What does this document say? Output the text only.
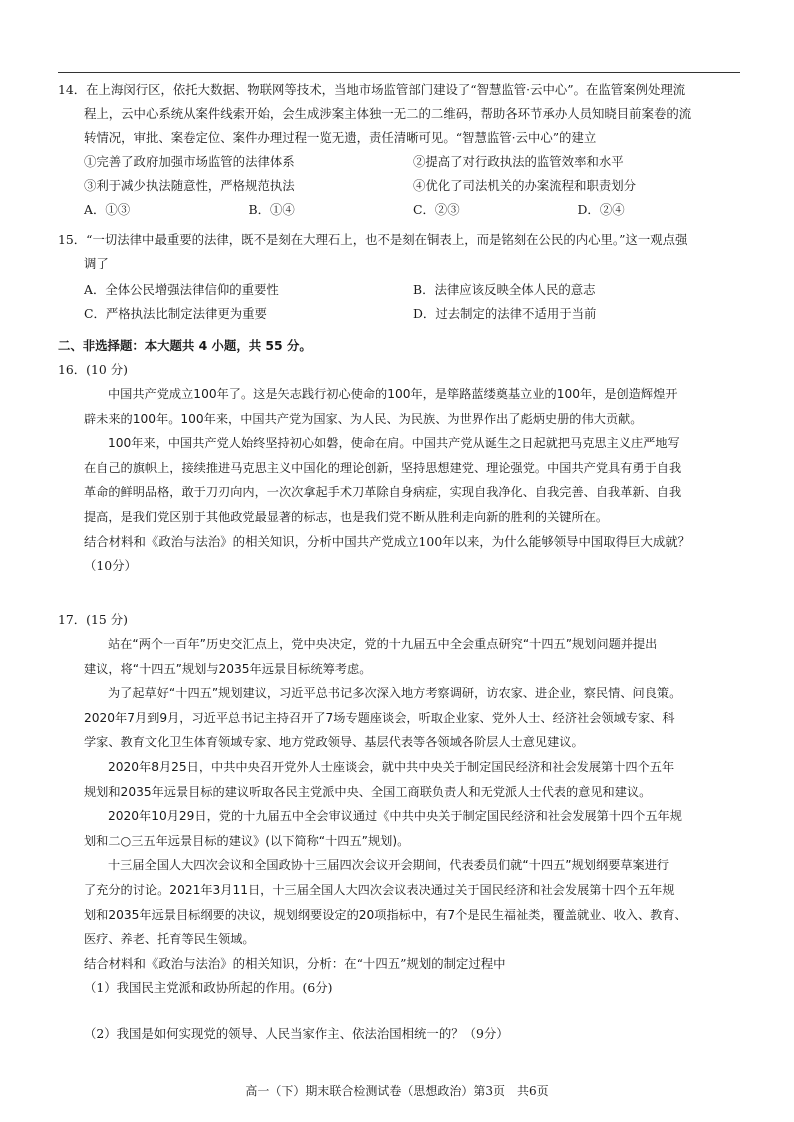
14．在上海闵行区，依托大数据、物联网等技术，当地市场监管部门建设了“智慧监管·云中心”。在监管案例处理流

程上，云中心系统从案件线索开始，会生成涉案主体独一无二的二维码，帮助各环节承办人员知晓目前案卷的流

转情况，审批、案卷定位、案件办理过程一览无遗，责任清晰可见。“智慧监管·云中心”的建立

①完善了政府加强市场监管的法律体系	②提高了对行政执法的监管效率和水平
③利于减少执法随意性，严格规范执法	④优化了司法机关的办案流程和职责划分
A．①③	B．①④	C．②③	D．②④

15．“一切法律中最重要的法律，既不是刻在大理石上，也不是刻在铜表上，而是铭刻在公民的内心里。”这一观点强

调了

A．全体公民增强法律信仰的重要性	B．法律应该反映全体人民的意志
C．严格执法比制定法律更为重要	D．过去制定的法律不适用于当前
二、非选择题：本大题共 4 小题，共 55 分。

16．(10 分)

中国共产党成立100年了。这是矢志践行初心使命的100年，是筚路蓝缕奠基立业的100年，是创造辉煌开

辟未来的100年。100年来，中国共产党为国家、为人民、为民族、为世界作出了彪炳史册的伟大贡献。

100年来，中国共产党人始终坚持初心如磐，使命在肩。中国共产党从诞生之日起就把马克思主义庄严地写

在自己的旗帜上，接续推进马克思主义中国化的理论创新，坚持思想建党、理论强党。中国共产党具有勇于自我

革命的鲜明品格，敢于刀刃向内，一次次拿起手术刀革除自身病症，实现自我净化、自我完善、自我革新、自我

提高，是我们党区别于其他政党最显著的标志，也是我们党不断从胜利走向新的胜利的关键所在。

结合材料和《政治与法治》的相关知识，分析中国共产党成立100年以来，为什么能够领导中国取得巨大成就？

（10分）

17．(15 分)

站在“两个一百年”历史交汇点上，党中央决定，党的十九届五中全会重点研究“十四五”规划问题并提出

建议，将“十四五”规划与2035年远景目标统筹考虑。

为了起草好“十四五”规划建议，习近平总书记多次深入地方考察调研，访农家、进企业，察民情、问良策。

2020年7月到9月，习近平总书记主持召开了7场专题座谈会，听取企业家、党外人士、经济社会领域专家、科

学家、教育文化卫生体育领域专家、地方党政领导、基层代表等各领域各阶层人士意见建议。

2020年8月25日，中共中央召开党外人士座谈会，就中共中央关于制定国民经济和社会发展第十四个五年

规划和2035年远景目标的建议听取各民主党派中央、全国工商联负责人和无党派人士代表的意见和建议。

2020年10月29日，党的十九届五中全会审议通过《中共中央关于制定国民经济和社会发展第十四个五年规

划和二○三五年远景目标的建议》(以下简称“十四五”规划)。

十三届全国人大四次会议和全国政协十三届四次会议开会期间，代表委员们就“十四五”规划纲要草案进行

了充分的讨论。2021年3月11日，十三届全国人大四次会议表决通过关于国民经济和社会发展第十四个五年规

划和2035年远景目标纲要的决议，规划纲要设定的20项指标中，有7个是民生福祉类，覆盖就业、收入、教育、

医疗、养老、托育等民生领域。

结合材料和《政治与法治》的相关知识，分析：在“十四五”规划的制定过程中

（1）我国民主党派和政协所起的作用。(6分)

（2）我国是如何实现党的领导、人民当家作主、依法治国相统一的？（9分）

高一（下）期末联合检测试卷（思想政治）第3页　共6页
